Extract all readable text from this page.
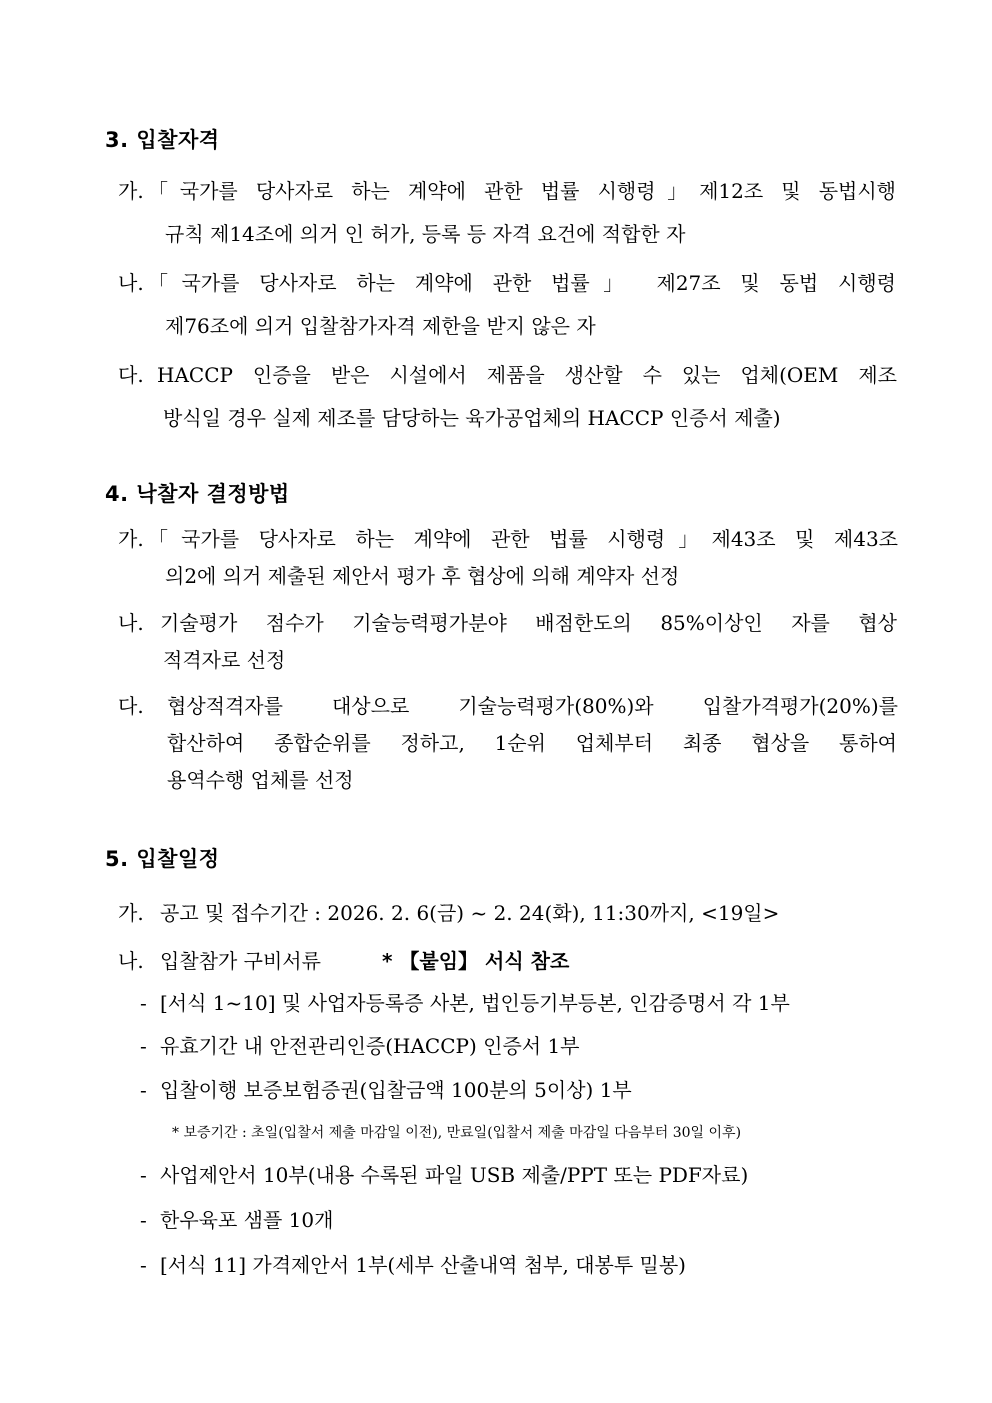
3. 입찰자격
가. 「국가를 당사자로 하는 계약에 관한 법률 시행령」제12조 및 동법시행
규칙 제14조에 의거 인 허가, 등록 등 자격 요건에 적합한 자
나. 「국가를 당사자로 하는 계약에 관한 법률」 제27조 및 동법 시행령
제76조에 의거 입찰참가자격 제한을 받지 않은 자
다. HACCP 인증을 받은 시설에서 제품을 생산할 수 있는 업체(OEM 제조
방식일 경우 실제 제조를 담당하는 육가공업체의 HACCP 인증서 제출)
4. 낙찰자 결정방법
가. 「국가를 당사자로 하는 계약에 관한 법률 시행령」제43조 및 제43조
의2에 의거 제출된 제안서 평가 후 협상에 의해 계약자 선정
나. 기술평가 점수가 기술능력평가분야 배점한도의 85%이상인 자를 협상
적격자로 선정
다. 협상적격자를 대상으로 기술능력평가(80%)와 입찰가격평가(20%)를
합산하여 종합순위를 정하고, 1순위 업체부터 최종 협상을 통하여
용역수행 업체를 선정
5. 입찰일정
가. 공고 및 접수기간 : 2026. 2. 6(금) ~ 2. 24(화), 11:30까지, <19일>
나. 입찰참가 구비서류	* 【붙임】 서식 참조
- [서식 1~10] 및 사업자등록증 사본, 법인등기부등본, 인감증명서 각 1부
- 유효기간 내 안전관리인증(HACCP) 인증서 1부
- 입찰이행 보증보험증권(입찰금액 100분의 5이상) 1부
* 보증기간 : 초일(입찰서 제출 마감일 이전), 만료일(입찰서 제출 마감일 다음부터 30일 이후)
- 사업제안서 10부(내용 수록된 파일 USB 제출/PPT 또는 PDF자료)
- 한우육포 샘플 10개
- [서식 11] 가격제안서 1부(세부 산출내역 첨부, 대봉투 밀봉)
